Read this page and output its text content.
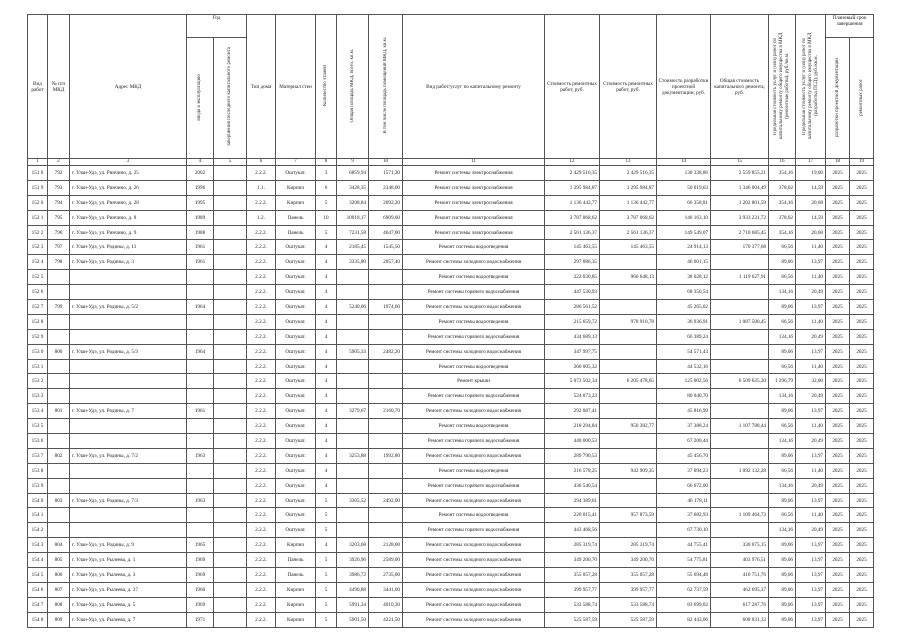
Вид работ	№ п/п МКД	Адрес МКД	Год		Тип дома	Материал стен	Количество этажей	Общая площадь МКД, всего, кв.м.	В том числе площадь помещений МКД, кв.м.	Вид работ/услуг по капитальному ремонту	Стоимость ремонтных работ, руб.	Стоимость ремонтных работ, руб.	Стоимость разработки проектной документации, руб.	Общая стоимость капитального ремонта, руб.	Предельная стоимость услуг и (или) работ по капитальному ремонту общего имущества в МКД (ремонтные работы), руб./кв.м.	Предельная стоимость услуг и (или) работ по капитальному ремонту общего имущества в МКД (разработка ПСД), руб./кв.м.	Плановый срок завершения	
			ввода в эксплуатацию	завершения последнего капитального ремонта													разработки проектной документации	ремонтных работ
1	2	3	4	5	6	7	8	9	10	11	12	13	14	15	16	17	18	19
151 6	792	г. Улан-Удэ, ул. Ринчино, д. 25	2002		2.2.2.	Оштукат.	3	6859,94	1571,30	Ремонт системы электроснабжения	2 429 516,35	2 429 516,35	130 338,86	2 559 855,21	354,16	19,00	2025	2025
151 9	793	г. Улан-Удэ, ул. Ринчино, д. 26	1996		1.1.	Кирпич	6	3428,35	2348,00	Ремонт системы электроснабжения	1 295 984,87	1 295 984,87	50 019,63	1 346 004,49	378,02	14,59	2025	2025
152 0	794	г. Улан-Удэ, ул. Ринчино, д. 28	1995		2.2.2.	Кирпич	5	3208,84	2092,20	Ремонт системы электроснабжения	1 136 442,77	1 136 442,77	66 358,81	1 202 801,59	354,16	20,68	2025	2025
152 1	795	г. Улан-Удэ, ул. Ринчино, д. 8	1989		1.2.	Панель	10	10018,17	6909,60	Ремонт системы электроснабжения	3 787 068,62	3 787 068,62	146 163,10	3 933 231,72	378,02	14,59	2025	2025
152 2	796	г. Улан-Удэ, ул. Ринчино, д. 9	1988		2.2.2.	Панель	5	7231,58	4647,00	Ремонт системы электроснабжения	2 561 136,37	2 561 136,37	149 549,07	2 710 685,45	354,16	20,68	2025	2025
152 3	797	г. Улан-Удэ, ул. Родины, д. 11	1961		2.2.2.	Оштукат.	4	2185,45	1545,50	Ремонт системы водоотведения	145 463,55	145 463,55	24 914,13	170 377,68	66,56	11,40	2025	2025
152 4	798	г. Улан-Удэ, ул. Родины, д. 3	1961		2.2.2.	Оштукат.	4	3335,80	2057,40	Ремонт системы холодного водоснабжения	297 086,35		46 601,15		89,06	13,97	2025	2025
152 5					2.2.2.	Оштукат.	4			Ремонт системы водоотведения	222 030,85	966 648,13	38 028,12	1 119 627,91	66,56	11,40	2025	2025
152 6					2.2.2.	Оштукат.	4			Ремонт системы горячего водоснабжения	447 530,93		68 350,54		134,16	20,49	2025	2025
152 7	799	г. Улан-Удэ, ул. Родины, д. 5/2	1964		2.2.2.	Оштукат.	4	5240,06	1974,60	Ремонт системы холодного водоснабжения	286 561,52		45 265,02		89,06	13,97	2025	2025
152 8					2.2.2.	Оштукат.	4			Ремонт системы водоотведения	215 659,72	978 910,78	36 936,91	1 087 500,45	66,56	11,40	2025	2025
152 9					2.2.2.	Оштукат.	4			Ремонт системы горячего водоснабжения	434 689,13		66 389,24		134,16	20,49	2025	2025
153 0	800	г. Улан-Удэ, ул. Родины, д. 5/3	1964		2.2.2.	Оштукат.	4	5905,33	2482,20	Ремонт системы холодного водоснабжения	347 997,75		54 571,43		89,06	13,97	2025	2025
153 1					2.2.2.	Оштукат.	4			Ремонт системы водоотведения	260 005,32		44 532,16		66,56	11,40	2025	2025
153 2					2.2.2.	Оштукат.	4			Ремонт крыши	5 073 502,34	6 205 478,65	125 002,56	6 509 625,30	1 296,79	32,00	2025	2025
153 3					2.2.2.	Оштукат.	4			Ремонт системы горячего водоснабжения	524 073,23		80 040,70		134,16	20,49	2025	2025
153 4	801	г. Улан-Удэ, ул. Родины, д. 7	1961		2.2.2.	Оштукат.	4	3279,67	2160,70	Ремонт системы холодного водоснабжения	292 087,41		45 816,99		89,06	13,97	2025	2025
153 5					2.2.2.	Оштукат.	4			Ремонт системы водоотведения	218 294,84	950 382,77	37 388,24	1 107 788,44	66,56	11,40	2025	2025
153 6					2.2.2.	Оштукат.	4			Ремонт системы горячего водоснабжения	440 000,53		67 200,44		134,16	20,49	2025	2025
153 7	802	г. Улан-Удэ, ул. Родины, д. 7/2	1963		2.2.2.	Оштукат.	4	3253,88	1992,80	Ремонт системы холодного водоснабжения	289 790,53		45 456,70		89,06	13,97	2025	2025
153 8					2.2.2.	Оштукат.	4			Ремонт системы водоотведения	216 578,25	942 909,35	37 094,23	1 092 132,28	66,56	11,40	2025	2025
153 9					2.2.2.	Оштукат.	4			Ремонт системы горячего водоснабжения	436 540,54		66 672,00		134,16	20,49	2025	2025
154 0	803	г. Улан-Удэ, ул. Родины, д. 7/3	1963		2.2.2.	Оштукат.	5	3305,52	2492,00	Ремонт системы холодного водоснабжения	294 389,61		46 178,11		89,06	13,97	2025	2025
154 1					2.2.2.	Оштукат.	5			Ремонт системы водоотведения	220 015,41	957 873,59	37 682,93	1 109 464,73	66,56	11,40	2025	2025
154 2					2.2.2.	Оштукат.	5			Ремонт системы горячего водоснабжения	443 468,56		67 730,10		134,16	20,49	2025	2025
154 3	804	г. Улан-Удэ, ул. Родины, д. 9	1965		2.2.2.	Кирпич	4	3203,68	2128,00	Ремонт системы холодного водоснабжения	285 319,74	285 319,74	44 755,41	330 075,15	89,06	13,97	2025	2025
154 4	805	г. Улан-Удэ, ул. Рылеева, д. 1	1969		2.2.2.	Панель	5	3920,96	2589,00	Ремонт системы холодного водоснабжения	349 200,70	349 200,70	54 775,81	403 976,51	89,06	13,97	2025	2025
154 5	806	г. Улан-Удэ, ул. Рылеева, д. 3	1969		2.2.2.	Панель	5	3986,72	2735,00	Ремонт системы холодного водоснабжения	355 057,28	355 057,28	55 694,48	410 751,76	89,06	13,97	2025	2025
154 6	807	г. Улан-Удэ, ул. Рылеева, д. 37	1960		2.2.2.	Кирпич	5	4490,88	3441,00	Ремонт системы холодного водоснабжения	399 957,77	399 957,77	62 737,59	462 695,37	89,06	13,97	2025	2025
154 7	808	г. Улан-Удэ, ул. Рылеева, д. 5	1969		2.2.2.	Кирпич	5	5991,34	4010,30	Ремонт системы холодного водоснабжения	533 588,74	533 588,74	83 699,02	617 287,76	89,06	13,97	2025	2025
154 8	809	г. Улан-Удэ, ул. Рылеева, д. 7	1971		2.2.2.	Кирпич	5	5901,50	4221,50	Ремонт системы холодного водоснабжения	525 587,59	525 587,59	82 443,06	608 031,33	89,06	13,97	2025	2025
